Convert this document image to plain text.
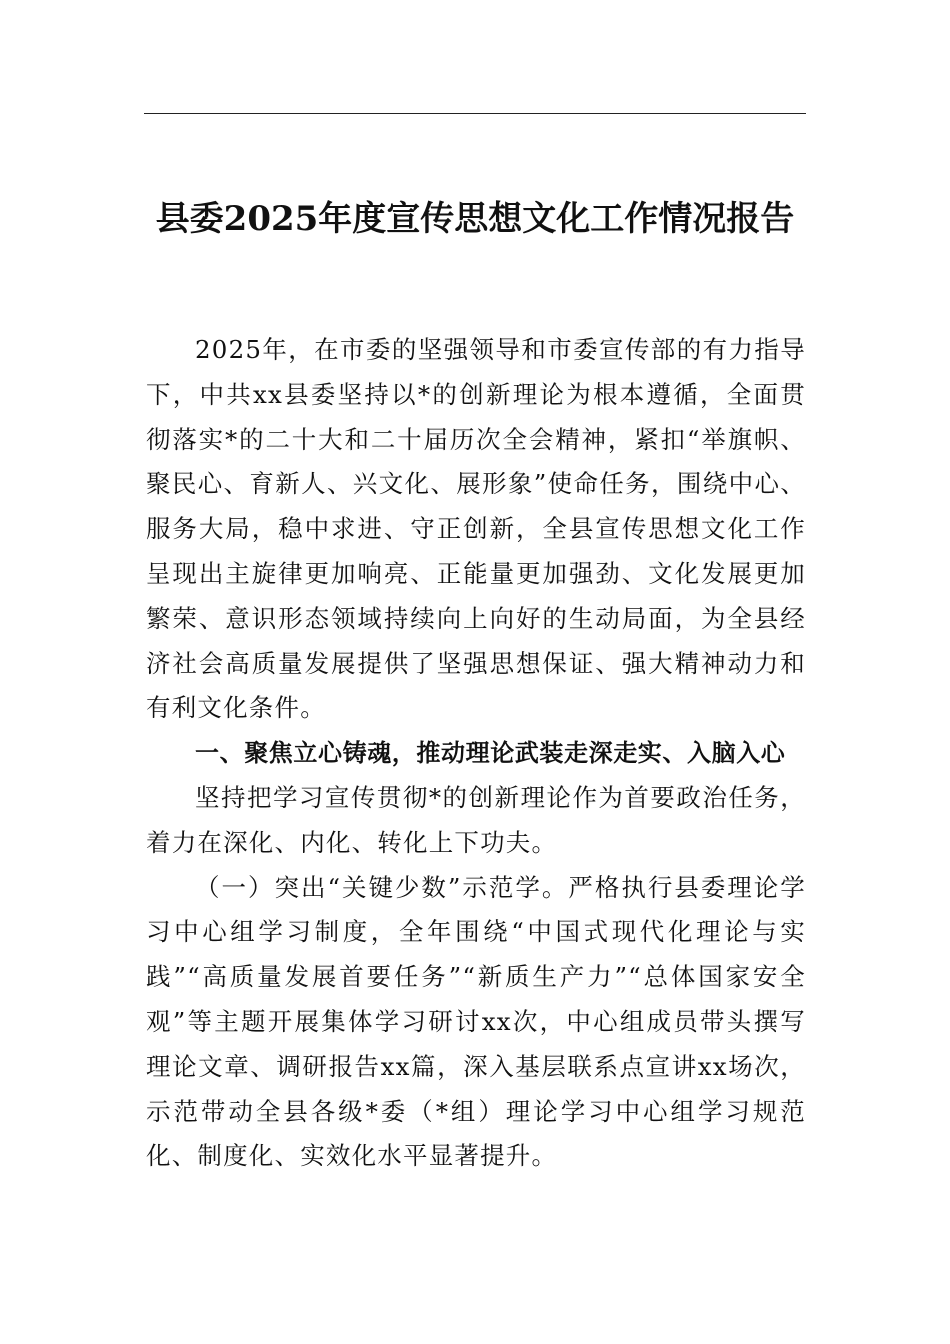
县委2025年度宣传思想文化工作情况报告

2025年，在市委的坚强领导和市委宣传部的有力指导下，中共xx县委坚持以*的创新理论为根本遵循，全面贯彻落实*的二十大和二十届历次全会精神，紧扣“举旗帜、聚民心、育新人、兴文化、展形象”使命任务，围绕中心、服务大局，稳中求进、守正创新，全县宣传思想文化工作呈现出主旋律更加响亮、正能量更加强劲、文化发展更加繁荣、意识形态领域持续向上向好的生动局面，为全县经济社会高质量发展提供了坚强思想保证、强大精神动力和有利文化条件。

一、聚焦立心铸魂，推动理论武装走深走实、入脑入心

坚持把学习宣传贯彻*的创新理论作为首要政治任务，着力在深化、内化、转化上下功夫。

（一）突出“关键少数”示范学。严格执行县委理论学习中心组学习制度，全年围绕“中国式现代化理论与实践”“高质量发展首要任务”“新质生产力”“总体国家安全观”等主题开展集体学习研讨xx次，中心组成员带头撰写理论文章、调研报告xx篇，深入基层联系点宣讲xx场次，示范带动全县各级*委（*组）理论学习中心组学习规范化、制度化、实效化水平显著提升。
